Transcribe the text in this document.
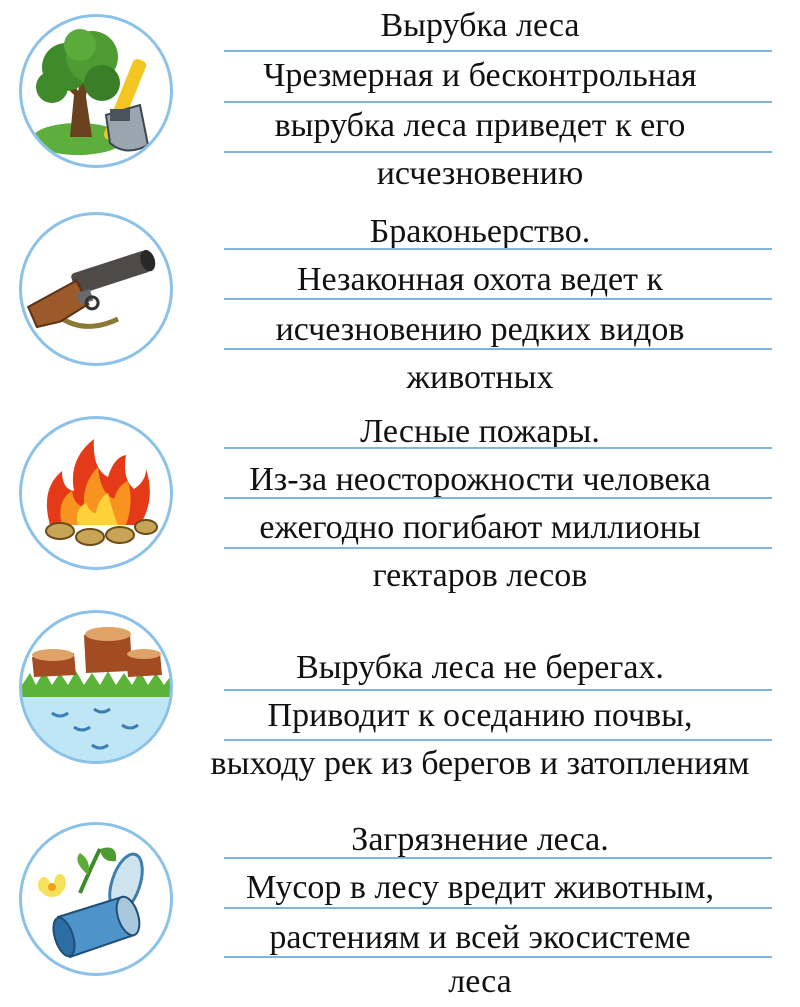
Вырубка леса
Чрезмерная и бесконтрольная
вырубка леса приведет к его
исчезновению
Браконьерство.
Незаконная охота ведет к
исчезновению редких видов
животных
Лесные пожары.
Из-за неосторожности человека
ежегодно погибают миллионы
гектаров лесов
Вырубка леса не берегах.
Приводит к оседанию почвы,
выходу рек из берегов и затоплениям
Загрязнение леса.
Мусор в лесу вредит животным,
растениям и всей экосистеме
леса
